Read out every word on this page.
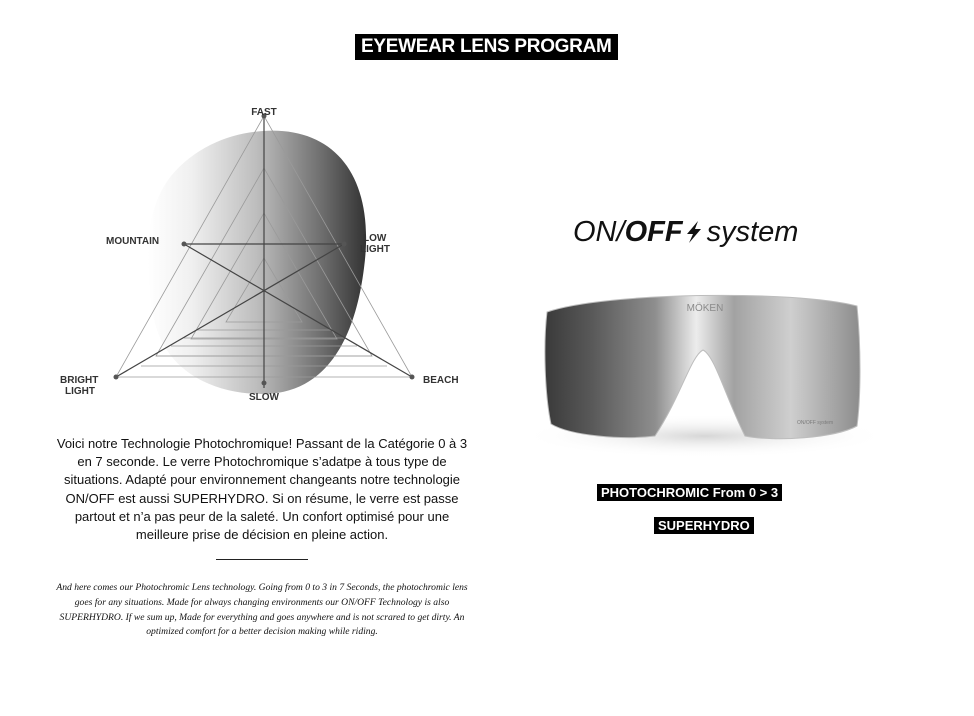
EYEWEAR LENS PROGRAM
FAST
MOUNTAIN	LOW
LIGHT
BRIGHT
LIGHT
BEACH
SLOW
Voici notre Technologie Photochromique! Passant de la Catégorie 0 à 3 en 7 seconde. Le verre Photochromique s’adatpe à tous type de situations. Adapté pour environnement changeants notre technologie ON/OFF est aussi SUPERHYDRO. Si on résume, le verre est passe partout et n’a pas peur de la saleté. Un confort optimisé pour une meilleure prise de décision en pleine action.
And here comes our Photochromic Lens technology. Going from 0 to 3 in 7 Seconds, the photochromic lens goes for any situations. Made for always changing environments our ON/OFF Technology is also SUPERHYDRO. If we sum up, Made for everything and goes anywhere and is not scrared to get dirty. An optimized comfort for a better decision making while riding.
ON/OFF system
MÖKEN
ON/OFF system
PHOTOCHROMIC From 0 > 3
SUPERHYDRO
